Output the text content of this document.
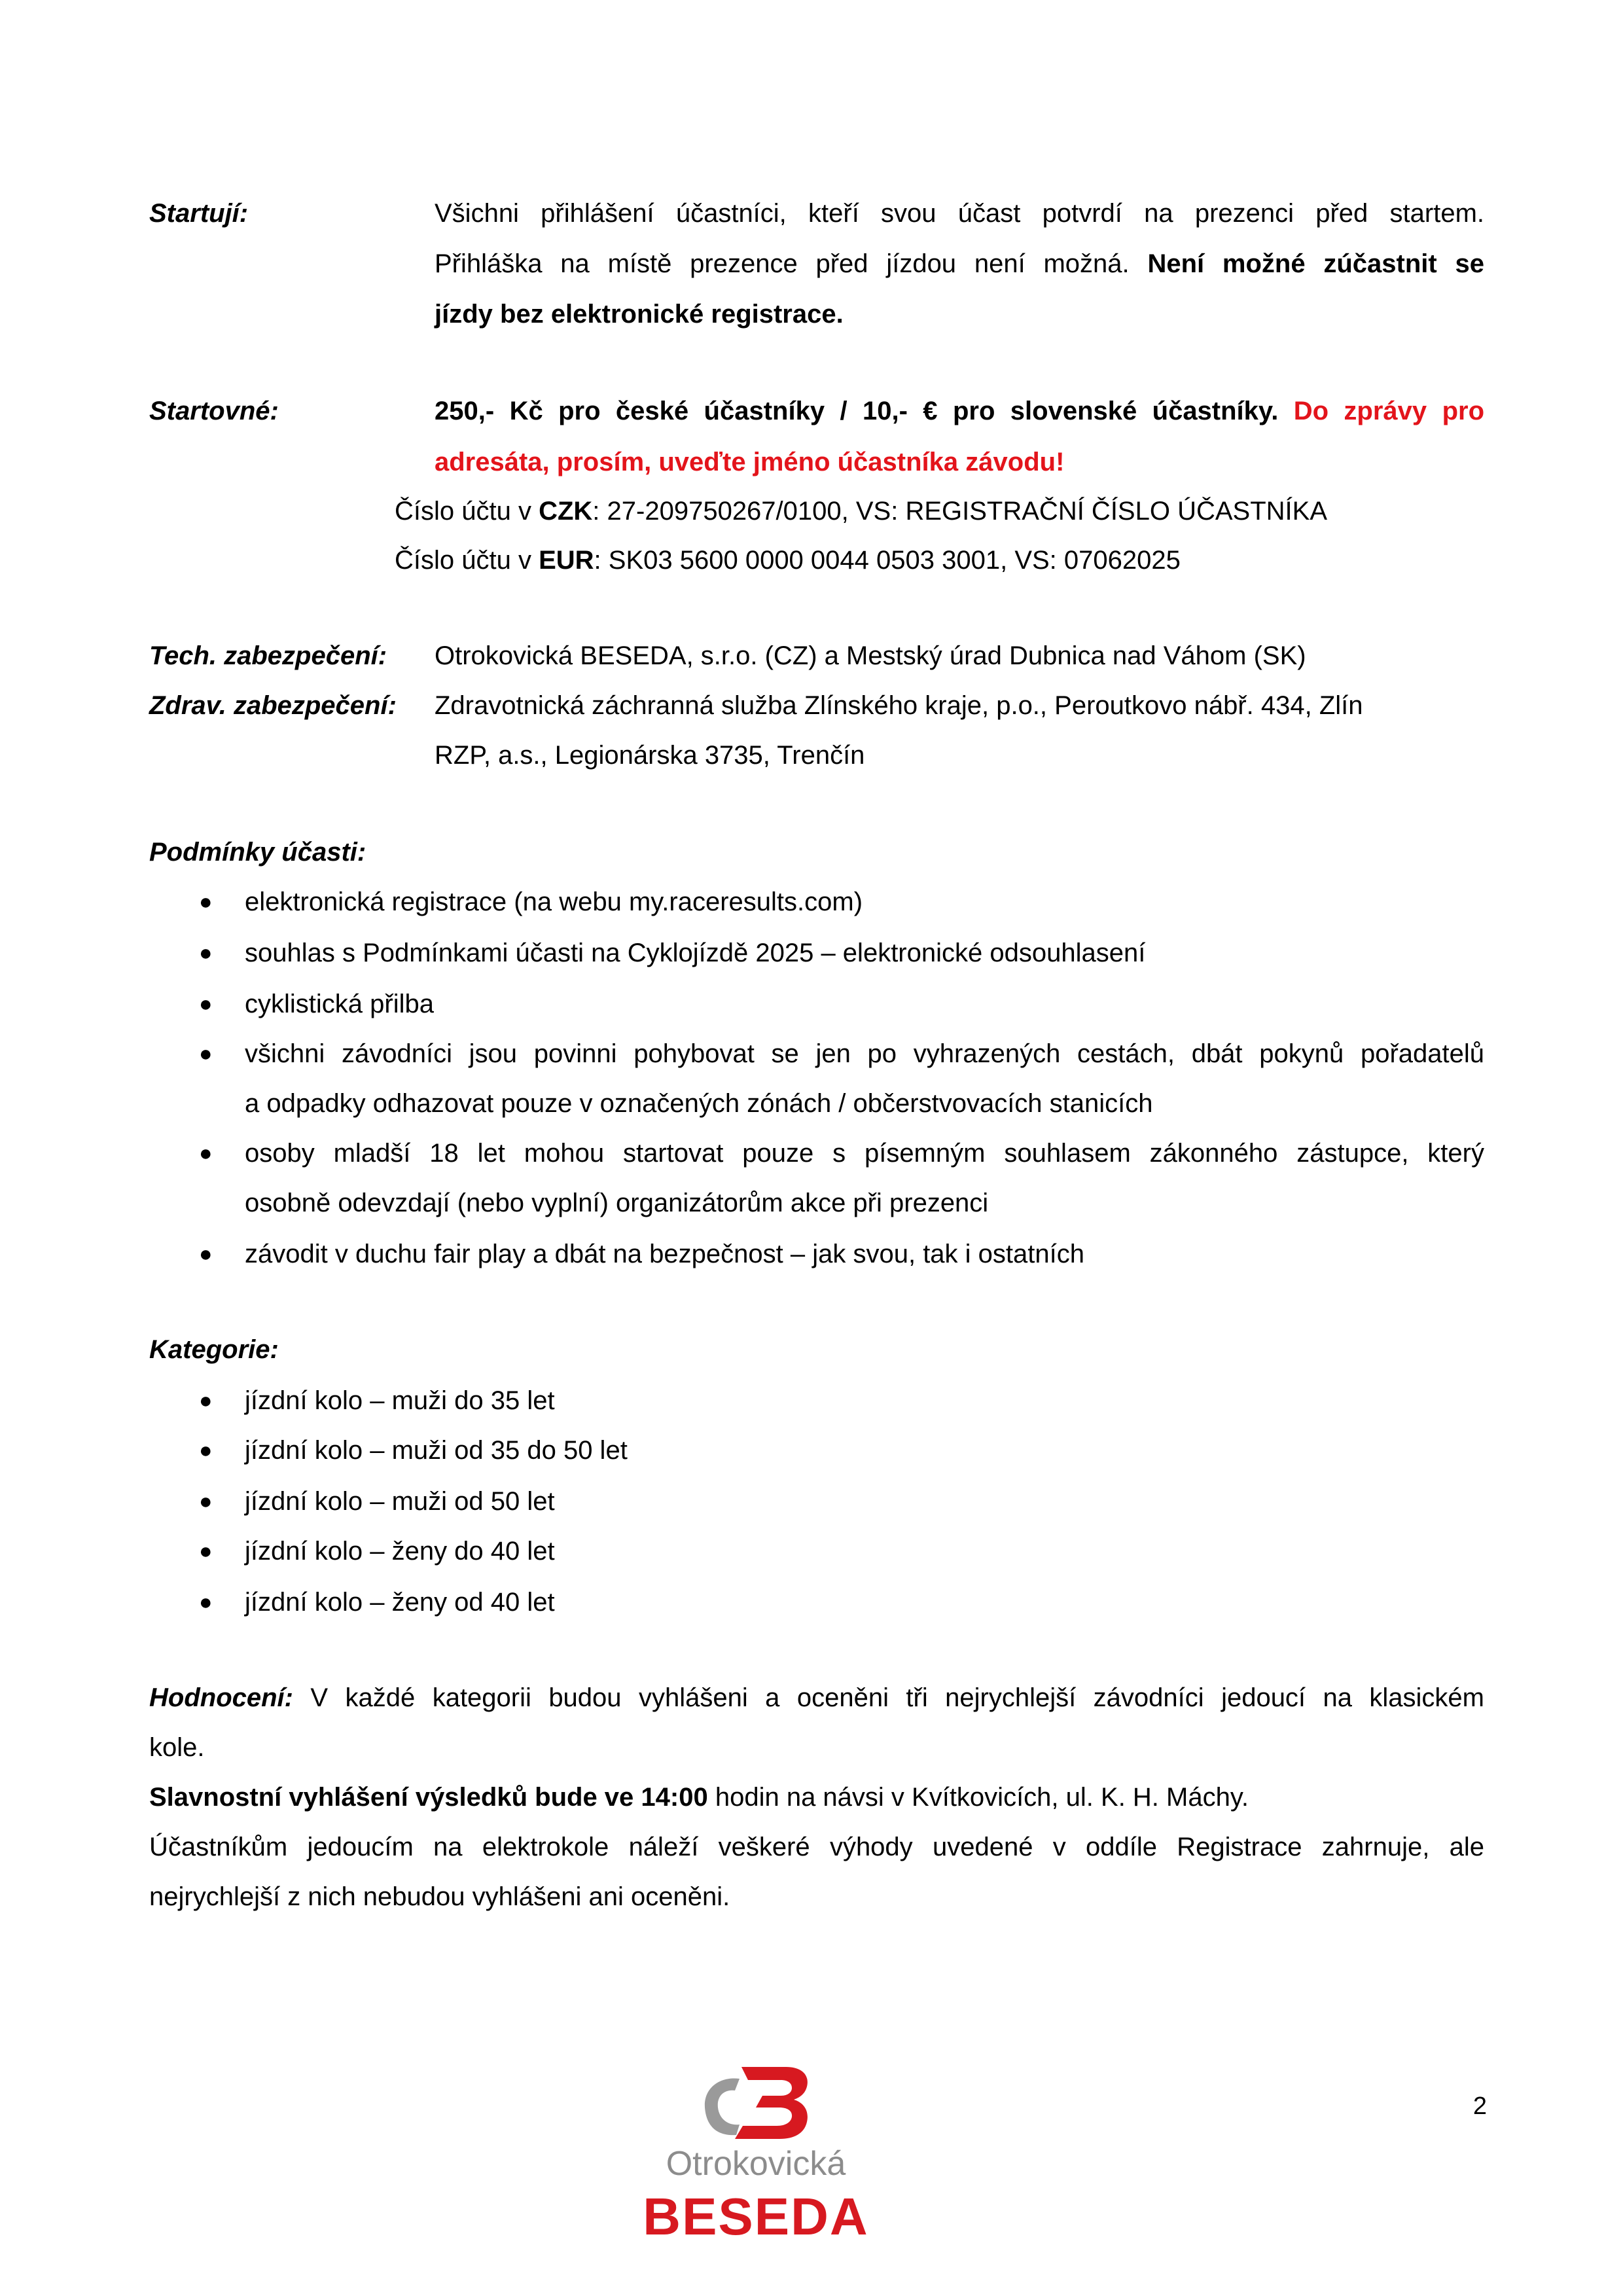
Startují:	Všichni přihlášení účastníci, kteří svou účast potvrdí na prezenci před startem.
Přihláška na místě prezence před jízdou není možná. Není možné zúčastnit se
jízdy bez elektronické registrace.
Startovné:	250,- Kč pro české účastníky / 10,- € pro slovenské účastníky. Do zprávy pro
adresáta, prosím, uveďte jméno účastníka závodu!
Číslo účtu v CZK: 27-209750267/0100, VS: REGISTRAČNÍ ČÍSLO ÚČASTNÍKA
Číslo účtu v EUR: SK03 5600 0000 0044 0503 3001, VS: 07062025
Tech. zabezpečení: Otrokovická BESEDA, s.r.o. (CZ) a Mestský úrad Dubnica nad Váhom (SK)
Zdrav. zabezpečení: Zdravotnická záchranná služba Zlínského kraje, p.o., Peroutkovo nábř. 434, Zlín
RZP, a.s., Legionárska 3735, Trenčín
Podmínky účasti:
● elektronická registrace (na webu my.raceresults.com)
● souhlas s Podmínkami účasti na Cyklojízdě 2025 – elektronické odsouhlasení
● cyklistická přilba
● všichni závodníci jsou povinni pohybovat se jen po vyhrazených cestách, dbát pokynů pořadatelů
a odpadky odhazovat pouze v označených zónách / občerstvovacích stanicích
● osoby mladší 18 let mohou startovat pouze s písemným souhlasem zákonného zástupce, který
osobně odevzdají (nebo vyplní) organizátorům akce při prezenci
● závodit v duchu fair play a dbát na bezpečnost – jak svou, tak i ostatních
Kategorie:
● jízdní kolo – muži do 35 let
● jízdní kolo – muži od 35 do 50 let
● jízdní kolo – muži od 50 let
● jízdní kolo – ženy do 40 let
● jízdní kolo – ženy od 40 let
Hodnocení: V každé kategorii budou vyhlášeni a oceněni tři nejrychlejší závodníci jedoucí na klasickém
kole.
Slavnostní vyhlášení výsledků bude ve 14:00 hodin na návsi v Kvítkovicích, ul. K. H. Máchy.
Účastníkům jedoucím na elektrokole náleží veškeré výhody uvedené v oddíle Registrace zahrnuje, ale
nejrychlejší z nich nebudou vyhlášeni ani oceněni.
Otrokovická
BESEDA
2
